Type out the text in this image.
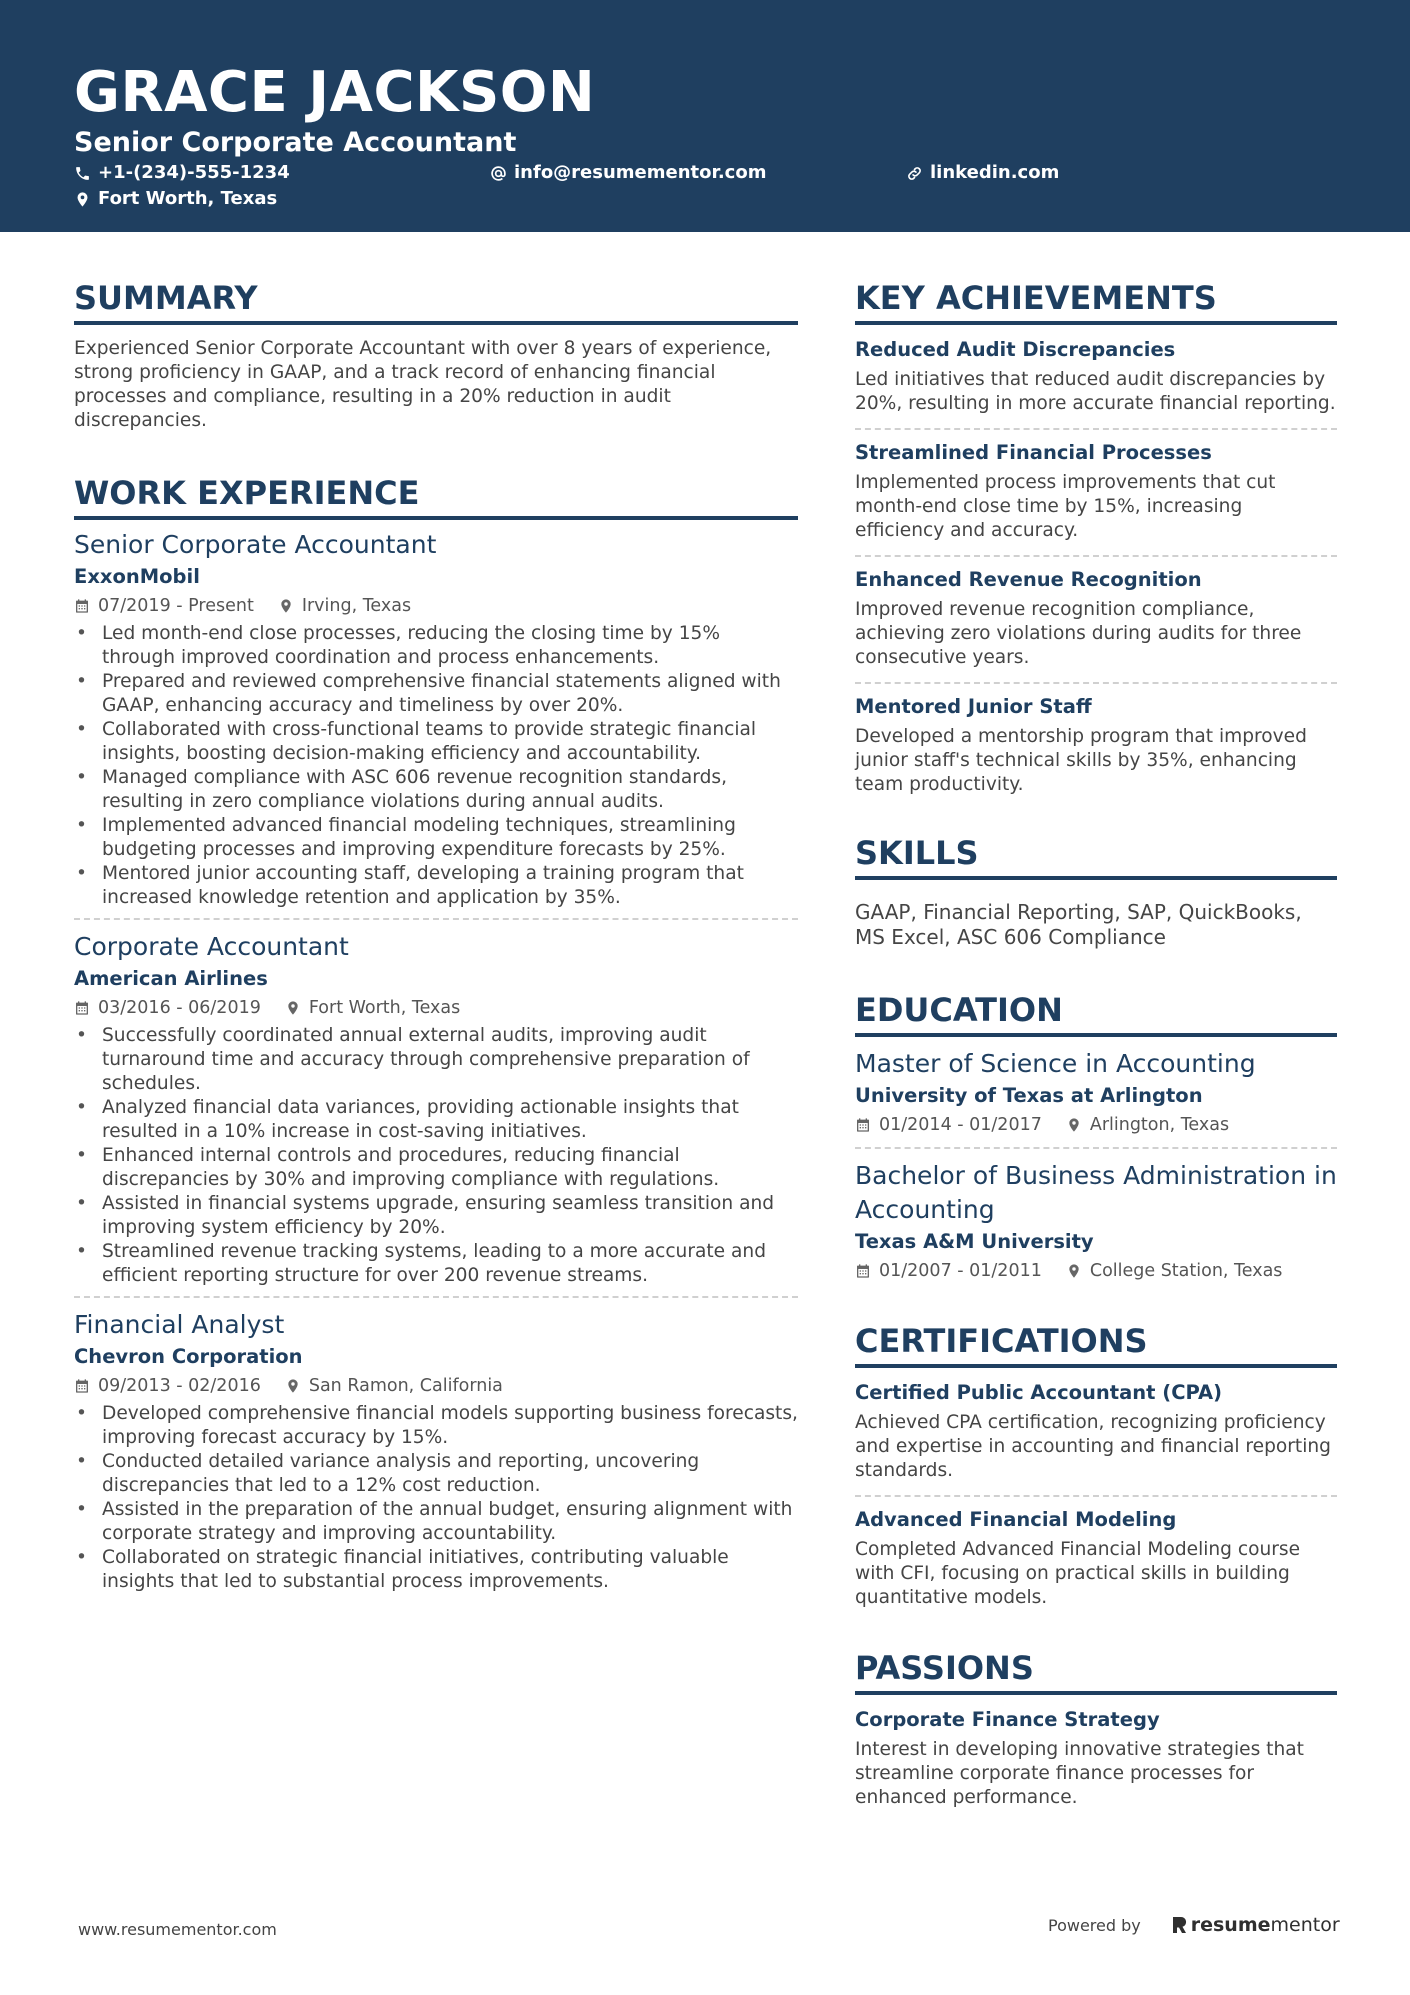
GRACE JACKSON
Senior Corporate Accountant
+1-(234)-555-1234	info@resumementor.com	linkedin.com
Fort Worth, Texas
SUMMARY

Experienced Senior Corporate Accountant with over 8 years of experience, strong proficiency in GAAP, and a track record of enhancing financial processes and compliance, resulting in a 20% reduction in audit discrepancies.

WORK EXPERIENCE
Senior Corporate Accountant
ExxonMobil
07/2019 - Present	Irving, Texas
• Led month-end close processes, reducing the closing time by 15% through improved coordination and process enhancements.
• Prepared and reviewed comprehensive financial statements aligned with GAAP, enhancing accuracy and timeliness by over 20%.
• Collaborated with cross-functional teams to provide strategic financial insights, boosting decision-making efficiency and accountability.
• Managed compliance with ASC 606 revenue recognition standards, resulting in zero compliance violations during annual audits.
• Implemented advanced financial modeling techniques, streamlining budgeting processes and improving expenditure forecasts by 25%.
• Mentored junior accounting staff, developing a training program that increased knowledge retention and application by 35%.
Corporate Accountant
American Airlines
03/2016 - 06/2019	Fort Worth, Texas
• Successfully coordinated annual external audits, improving audit turnaround time and accuracy through comprehensive preparation of schedules.
• Analyzed financial data variances, providing actionable insights that resulted in a 10% increase in cost-saving initiatives.
• Enhanced internal controls and procedures, reducing financial discrepancies by 30% and improving compliance with regulations.
• Assisted in financial systems upgrade, ensuring seamless transition and improving system efficiency by 20%.
• Streamlined revenue tracking systems, leading to a more accurate and efficient reporting structure for over 200 revenue streams.
Financial Analyst
Chevron Corporation
09/2013 - 02/2016	San Ramon, California
• Developed comprehensive financial models supporting business forecasts, improving forecast accuracy by 15%.
• Conducted detailed variance analysis and reporting, uncovering discrepancies that led to a 12% cost reduction.
• Assisted in the preparation of the annual budget, ensuring alignment with corporate strategy and improving accountability.
• Collaborated on strategic financial initiatives, contributing valuable insights that led to substantial process improvements.
KEY ACHIEVEMENTS
Reduced Audit Discrepancies

Led initiatives that reduced audit discrepancies by 20%, resulting in more accurate financial reporting.

Streamlined Financial Processes

Implemented process improvements that cut month-end close time by 15%, increasing efficiency and accuracy.

Enhanced Revenue Recognition

Improved revenue recognition compliance, achieving zero violations during audits for three consecutive years.

Mentored Junior Staff

Developed a mentorship program that improved junior staff's technical skills by 35%, enhancing team productivity.

SKILLS

GAAP, Financial Reporting, SAP, QuickBooks, MS Excel, ASC 606 Compliance

EDUCATION
Master of Science in Accounting
University of Texas at Arlington
01/2014 - 01/2017	Arlington, Texas
Bachelor of Business Administration in Accounting
Texas A&M University
01/2007 - 01/2011	College Station, Texas
CERTIFICATIONS
Certified Public Accountant (CPA)

Achieved CPA certification, recognizing proficiency and expertise in accounting and financial reporting standards.

Advanced Financial Modeling

Completed Advanced Financial Modeling course with CFI, focusing on practical skills in building quantitative models.

PASSIONS
Corporate Finance Strategy

Interest in developing innovative strategies that streamline corporate finance processes for enhanced performance.

www.resumementor.com	Powered by	resume mentor
